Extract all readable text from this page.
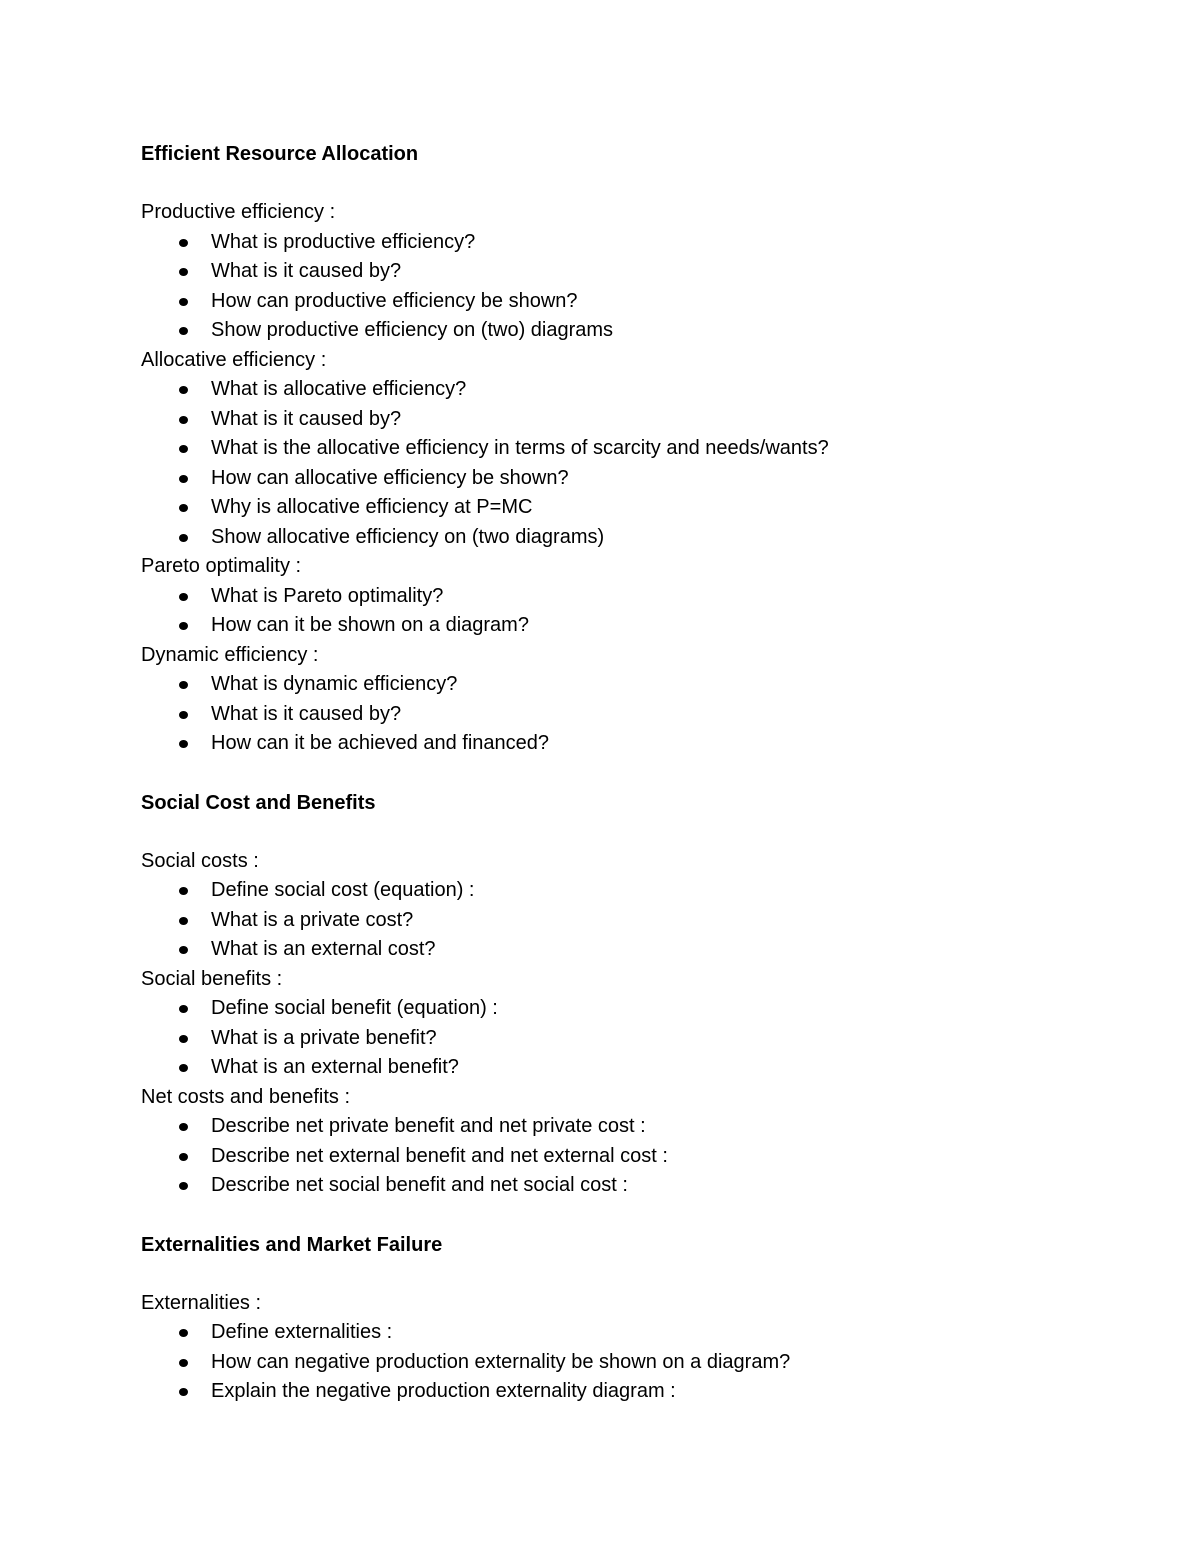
Efficient Resource Allocation
Productive efficiency :
What is productive efficiency?
What is it caused by?
How can productive efficiency be shown?
Show productive efficiency on (two) diagrams
Allocative efficiency :
What is allocative efficiency?
What is it caused by?
What is the allocative efficiency in terms of scarcity and needs/wants?
How can allocative efficiency be shown?
Why is allocative efficiency at P=MC
Show allocative efficiency on (two diagrams)
Pareto optimality :
What is Pareto optimality?
How can it be shown on a diagram?
Dynamic efficiency :
What is dynamic efficiency?
What is it caused by?
How can it be achieved and financed?
Social Cost and Benefits
Social costs :
Define social cost (equation) :
What is a private cost?
What is an external cost?
Social benefits :
Define social benefit (equation) :
What is a private benefit?
What is an external benefit?
Net costs and benefits :
Describe net private benefit and net private cost :
Describe net external benefit and net external cost :
Describe net social benefit and net social cost :
Externalities and Market Failure
Externalities :
Define externalities :
How can negative production externality be shown on a diagram?
Explain the negative production externality diagram :
